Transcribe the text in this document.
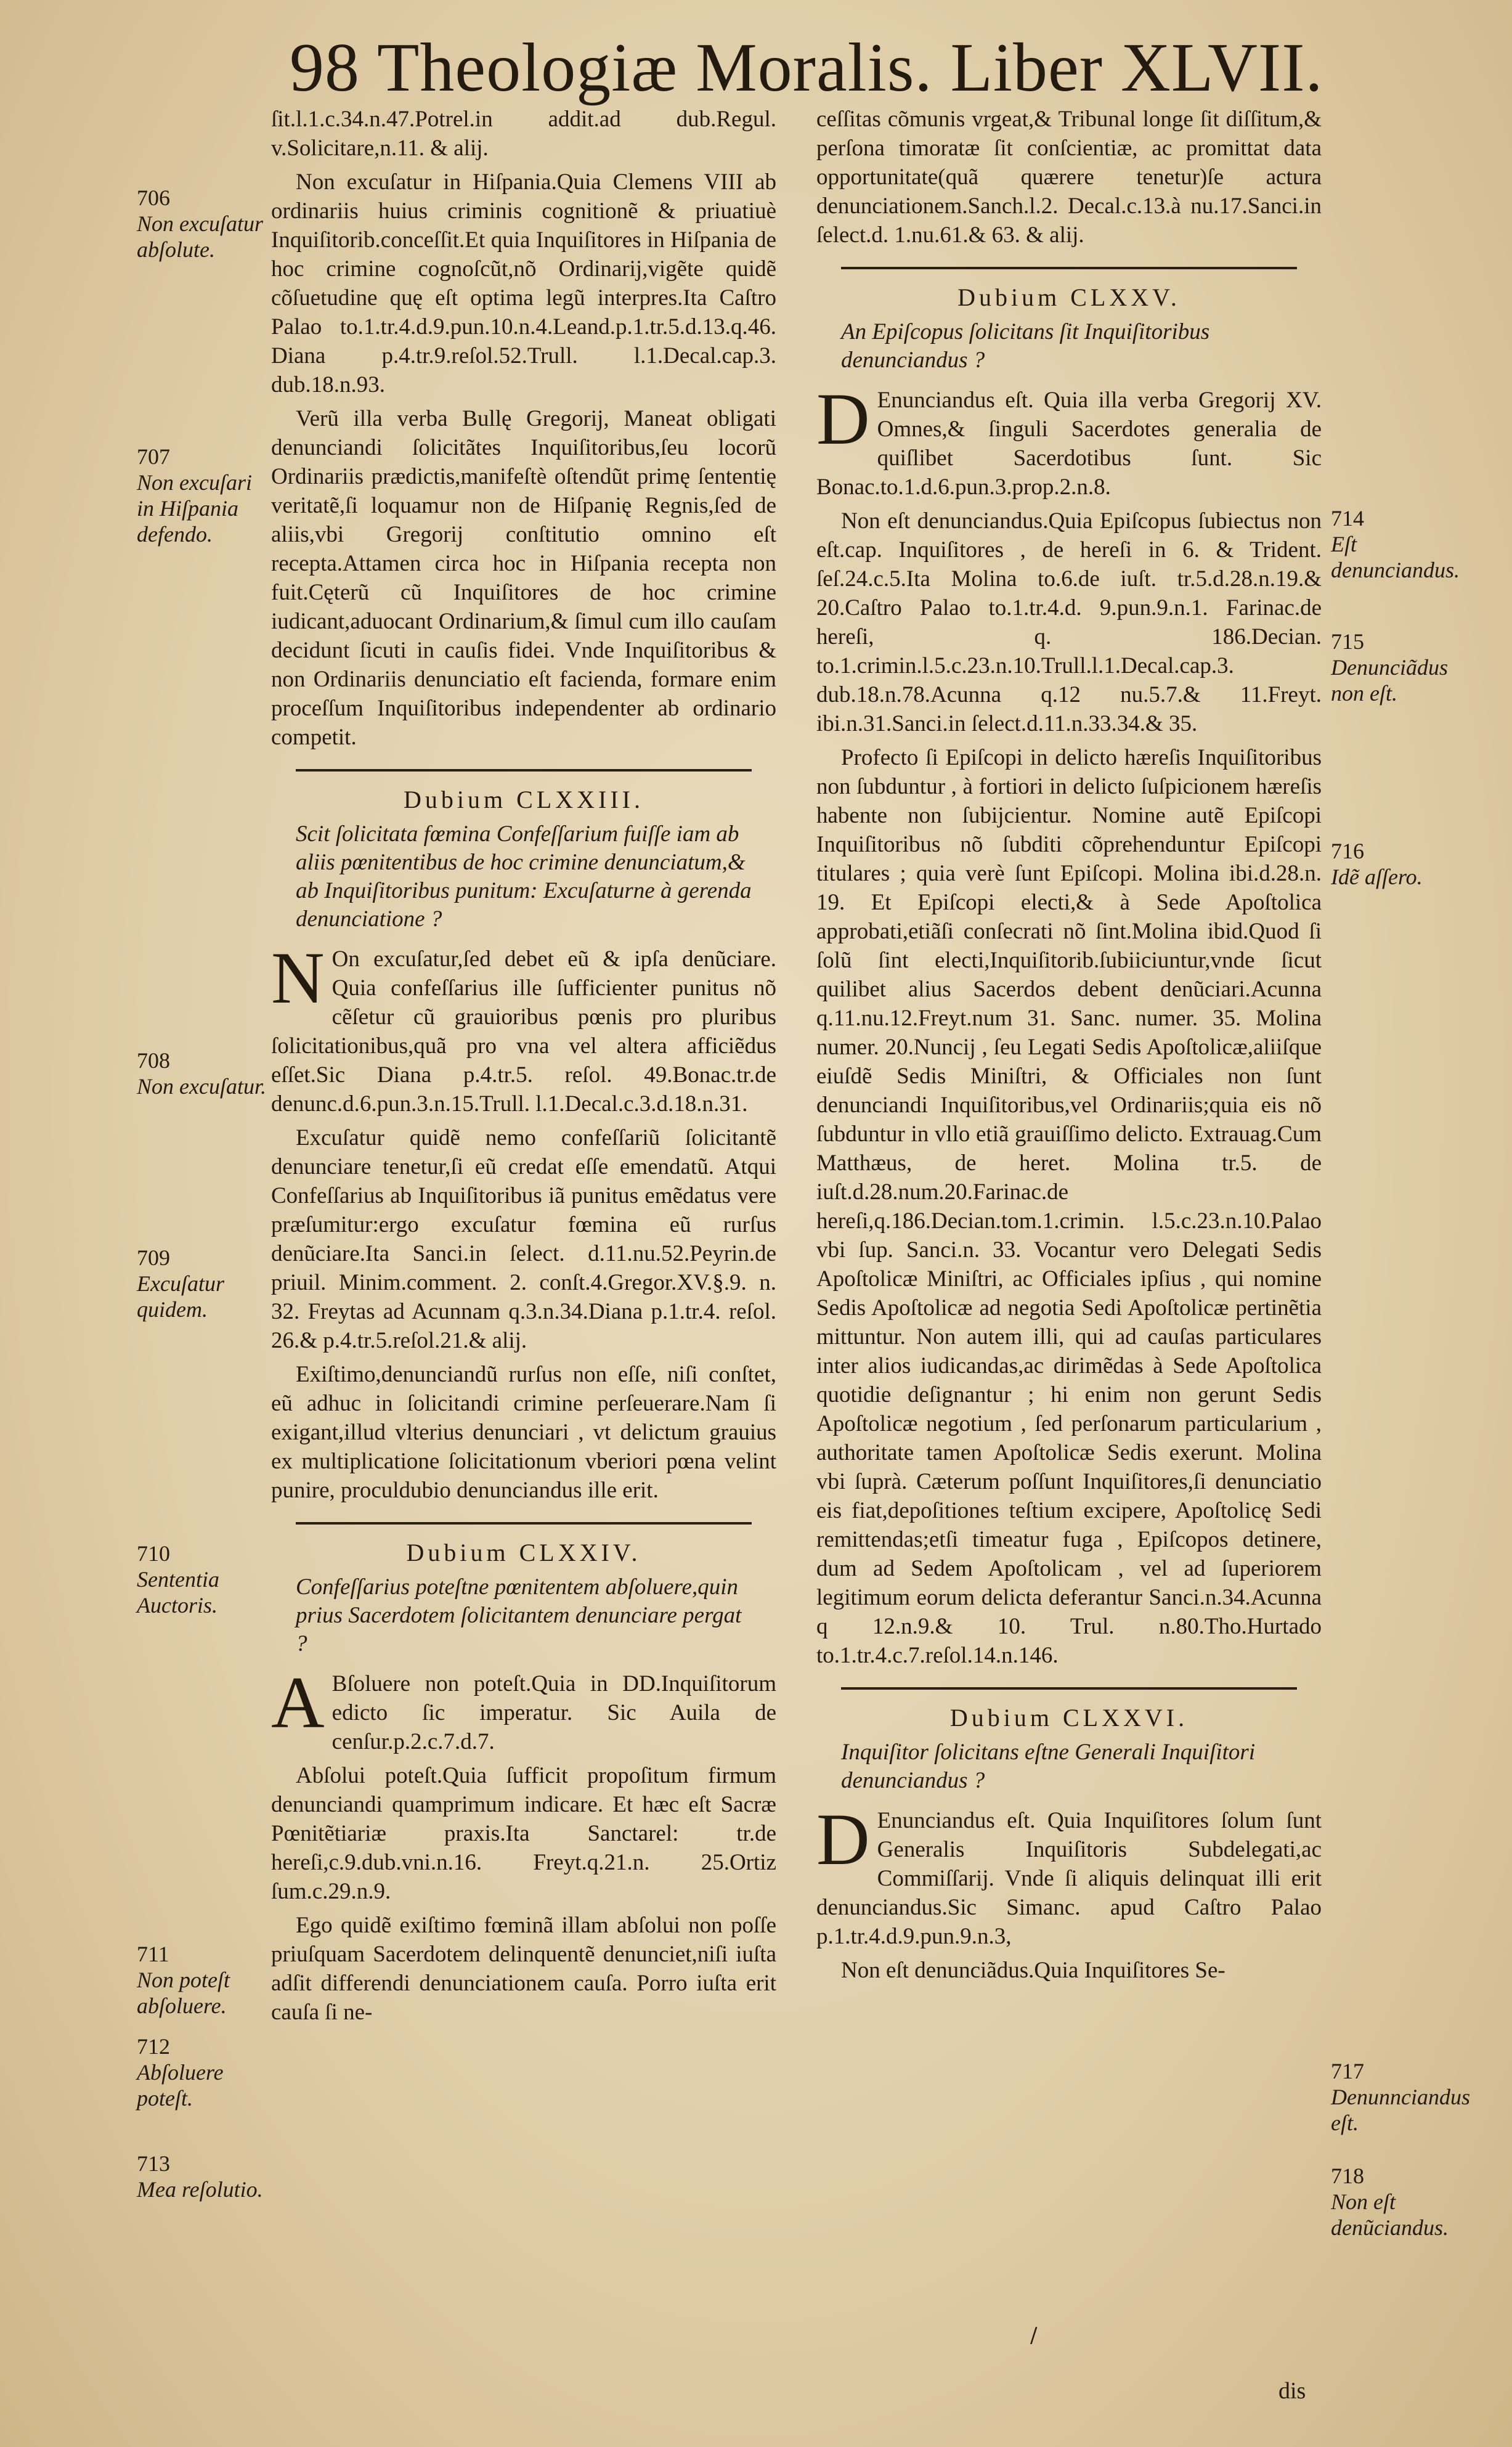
98 Theologiæ Moralis. Liber XLVII.

ſit.l.1.c.34.n.47.Potrel.in addit.ad dub.Regul. v.Solicitare,n.11. & alij.

Non excuſatur in Hiſpania.Quia Clemens VIII ab ordinariis huius criminis cognitionẽ & priuatiuè Inquiſitorib.conceſſit.Et quia Inquiſitores in Hiſpania de hoc crimine cognoſcũt,nõ Ordinarij,vigẽte quidẽ cõſuetudine quę eſt optima legũ interpres.Ita Caſtro Palao to.1.tr.4.d.9.pun.10.n.4.Leand.p.1.tr.5.d.13.q.46. Diana p.4.tr.9.reſol.52.Trull. l.1.Decal.cap.3. dub.18.n.93.

Verũ illa verba Bullę Gregorij, Maneat obligati denunciandi ſolicitãtes Inquiſitoribus,ſeu locorũ Ordinariis prædictis,manifeſtè oſtendũt primę ſententię veritatẽ,ſi loquamur non de Hiſpanię Regnis,ſed de aliis,vbi Gregorij conſtitutio omnino eſt recepta.Attamen circa hoc in Hiſpania recepta non fuit.Cęterũ cũ Inquiſitores de hoc crimine iudicant,aduocant Ordinarium,& ſimul cum illo cauſam decidunt ſicuti in cauſis fidei. Vnde Inquiſitoribus & non Ordinariis denunciatio eſt facienda, formare enim proceſſum Inquiſitoribus independenter ab ordinario competit.

Dubium CLXXIII.
Scit ſolicitata fœmina Confeſſarium fuiſſe iam ab aliis pœnitentibus de hoc crimine denunciatum,& ab Inquiſitoribus punitum: Excuſaturne à gerenda denunciatione ?

N On excuſatur,ſed debet eũ & ipſa denũciare. Quia confeſſarius ille ſufficienter punitus nõ cẽſetur cũ grauioribus pœnis pro pluribus ſolicitationibus,quã pro vna vel altera afficiẽdus eſſet.Sic Diana p.4.tr.5. reſol. 49.Bonac.tr.de denunc.d.6.pun.3.n.15.Trull. l.1.Decal.c.3.d.18.n.31.

Excuſatur quidẽ nemo confeſſariũ ſolicitantẽ denunciare tenetur,ſi eũ credat eſſe emendatũ. Atqui Confeſſarius ab Inquiſitoribus iã punitus emẽdatus vere præſumitur:ergo excuſatur fœmina eũ rurſus denũciare.Ita Sanci.in ſelect. d.11.nu.52.Peyrin.de priuil. Minim.comment. 2. conſt.4.Gregor.XV.§.9. n. 32. Freytas ad Acunnam q.3.n.34.Diana p.1.tr.4. reſol. 26.& p.4.tr.5.reſol.21.& alij.

Exiſtimo,denunciandũ rurſus non eſſe, niſi conſtet, eũ adhuc in ſolicitandi crimine perſeuerare.Nam ſi exigant,illud vlterius denunciari , vt delictum grauius ex multiplicatione ſolicitationum vberiori pœna velint punire, proculdubio denunciandus ille erit.

Dubium CLXXIV.
Confeſſarius poteſtne pœnitentem abſoluere,quin prius Sacerdotem ſolicitantem denunciare pergat ?

A Bſoluere non poteſt.Quia in DD.Inquiſitorum edicto ſic imperatur. Sic Auila de cenſur.p.2.c.7.d.7.

Abſolui poteſt.Quia ſufficit propoſitum firmum denunciandi quamprimum indicare. Et hæc eſt Sacræ Pœnitẽtiariæ praxis.Ita Sanctarel: tr.de hereſi,c.9.dub.vni.n.16. Freyt.q.21.n. 25.Ortiz ſum.c.29.n.9.

Ego quidẽ exiſtimo fœminã illam abſolui non poſſe priuſquam Sacerdotem delinquentẽ denunciet,niſi iuſta adſit differendi denunciationem cauſa. Porro iuſta erit cauſa ſi ne-

ceſſitas cõmunis vrgeat,& Tribunal longe ſit diſſitum,& perſona timoratæ ſit conſcientiæ, ac promittat data opportunitate(quã quærere tenetur)ſe actura denunciationem.Sanch.l.2. Decal.c.13.à nu.17.Sanci.in ſelect.d. 1.nu.61.& 63. & alij.

Dubium CLXXV.
An Epiſcopus ſolicitans ſit Inquiſitoribus denunciandus ?

D Enunciandus eſt. Quia illa verba Gregorij XV. Omnes,& ſinguli Sacerdotes generalia de quiſlibet Sacerdotibus ſunt. Sic Bonac.to.1.d.6.pun.3.prop.2.n.8.

Non eſt denunciandus.Quia Epiſcopus ſubiectus non eſt.cap. Inquiſitores , de hereſi in 6. & Trident. ſeſ.24.c.5.Ita Molina to.6.de iuſt. tr.5.d.28.n.19.& 20.Caſtro Palao to.1.tr.4.d. 9.pun.9.n.1. Farinac.de hereſi, q. 186.Decian. to.1.crimin.l.5.c.23.n.10.Trull.l.1.Decal.cap.3. dub.18.n.78.Acunna q.12 nu.5.7.& 11.Freyt. ibi.n.31.Sanci.in ſelect.d.11.n.33.34.& 35.

Profecto ſi Epiſcopi in delicto hæreſis Inquiſitoribus non ſubduntur , à fortiori in delicto ſuſpicionem hæreſis habente non ſubijcientur. Nomine autẽ Epiſcopi Inquiſitoribus nõ ſubditi cõprehenduntur Epiſcopi titulares ; quia verè ſunt Epiſcopi. Molina ibi.d.28.n. 19. Et Epiſcopi electi,& à Sede Apoſtolica approbati,etiãſi conſecrati nõ ſint.Molina ibid.Quod ſi ſolũ ſint electi,Inquiſitorib.ſubiiciuntur,vnde ſicut quilibet alius Sacerdos debent denũciari.Acunna q.11.nu.12.Freyt.num 31. Sanc. numer. 35. Molina numer. 20.Nuncij , ſeu Legati Sedis Apoſtolicæ,aliiſque eiuſdẽ Sedis Miniſtri, & Officiales non ſunt denunciandi Inquiſitoribus,vel Ordinariis;quia eis nõ ſubduntur in vllo etiã grauiſſimo delicto. Extrauag.Cum Matthæus, de heret. Molina tr.5. de iuſt.d.28.num.20.Farinac.de hereſi,q.186.Decian.tom.1.crimin. l.5.c.23.n.10.Palao vbi ſup. Sanci.n. 33. Vocantur vero Delegati Sedis Apoſtolicæ Miniſtri, ac Officiales ipſius , qui nomine Sedis Apoſtolicæ ad negotia Sedi Apoſtolicæ pertinẽtia mittuntur. Non autem illi, qui ad cauſas particulares inter alios iudicandas,ac dirimẽdas à Sede Apoſtolica quotidie deſignantur ; hi enim non gerunt Sedis Apoſtolicæ negotium , ſed perſonarum particularium , authoritate tamen Apoſtolicæ Sedis exerunt. Molina vbi ſuprà. Cæterum poſſunt Inquiſitores,ſi denunciatio eis fiat,depoſitiones teſtium excipere, Apoſtolicę Sedi remittendas;etſi timeatur fuga , Epiſcopos detinere, dum ad Sedem Apoſtolicam , vel ad ſuperiorem legitimum eorum delicta deferantur Sanci.n.34.Acunna q 12.n.9.& 10. Trul. n.80.Tho.Hurtado to.1.tr.4.c.7.reſol.14.n.146.

Dubium CLXXVI.
Inquiſitor ſolicitans eſtne Generali Inquiſitori denunciandus ?

D Enunciandus eſt. Quia Inquiſitores ſolum ſunt Generalis Inquiſitoris Subdelegati,ac Commiſſarij. Vnde ſi aliquis delinquat illi erit denunciandus.Sic Simanc. apud Caſtro Palao p.1.tr.4.d.9.pun.9.n.3,

Non eſt denunciãdus.Quia Inquiſitores Se-

706
Non excuſatur abſolute.
707
Non excuſari in Hiſpania defendo.
708
Non excuſatur.
709
Excuſatur quidem.
710
Sententia Auctoris.
711
Non poteſt abſoluere.
712
Abſoluere poteſt.
713
Mea reſolutio.
714
Eſt denunciandus.
715
Denunciãdus non eſt.
716
Idẽ aſſero.
717
Denunnciandus eſt.
718
Non eſt denũciandus.
dis
/
